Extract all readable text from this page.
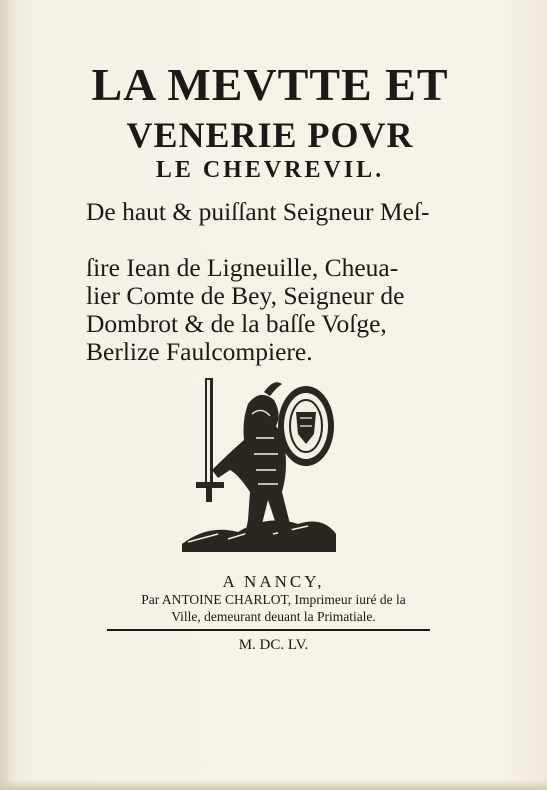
LA MEVTTE ET
VENERIE POVR
LE CHEVREVIL.

De haut & puiſſant Seigneur Meſ-

ſire Iean de Ligneuille, Cheua-

lier Comte de Bey, Seigneur de

Dombrot & de la baſſe Voſge,

Berlize Faulcompiere.

A NANCY,

Par ANTOINE CHARLOT, Imprimeur iuré de la

Ville, demeurant deuant la Primatiale.

M. DC. LV.
